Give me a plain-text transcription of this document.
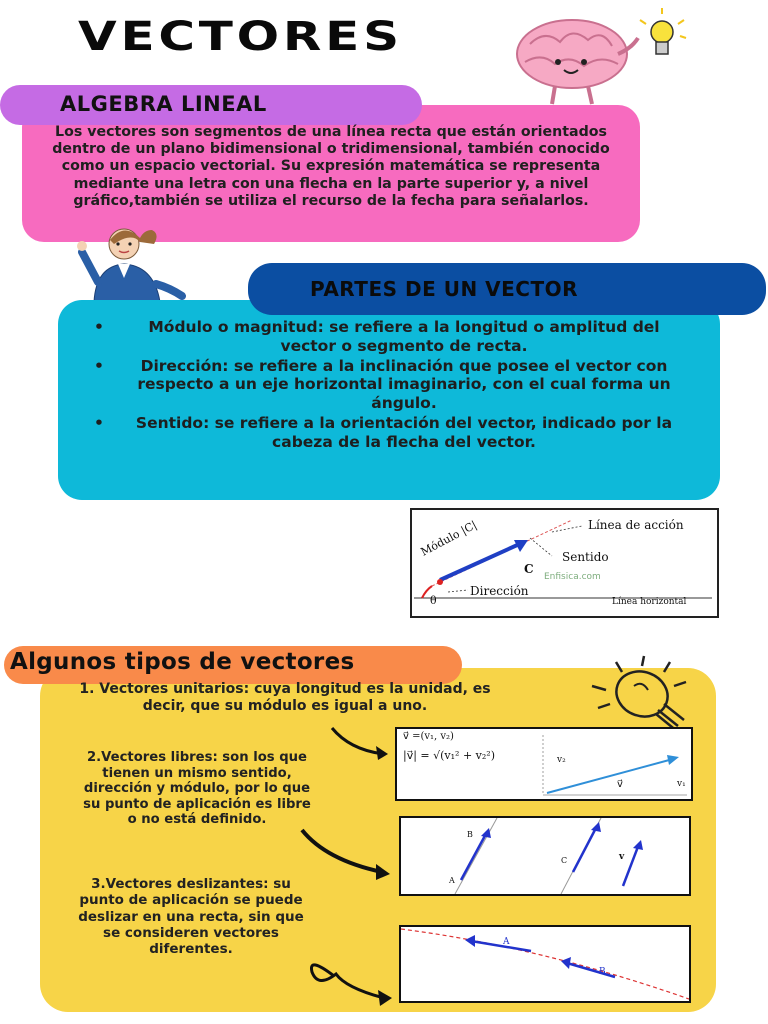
VECTORES
ALGEBRA LINEAL
Los vectores son segmentos de una línea recta que están orientados dentro de un plano bidimensional o tridimensional, también conocido como un espacio vectorial. Su expresión matemática se representa mediante una letra con una flecha en la parte superior y, a nivel gráfico,también se utiliza el recurso de la fecha para señalarlos.
• Módulo o magnitud: se refiere a la longitud o amplitud del vector o segmento de recta.
• Dirección: se refiere a la inclinación que posee el vector con respecto a un eje horizontal imaginario, con el cual forma un ángulo.
• Sentido: se refiere a la orientación del vector, indicado por la cabeza de la flecha del vector.
PARTES DE UN VECTOR
Módulo |C|	Línea de acción
Sentido
C
Enfisica.com
Dirección
θ	Línea horizontal
Algunos tipos de vectores
1. Vectores unitarios: cuya longitud es la unidad, es decir, que su módulo es igual a uno.
2.Vectores libres: son los que tienen un mismo sentido, dirección y módulo, por lo que su punto de aplicación es libre o no está definido.
3.Vectores deslizantes: su punto de aplicación se puede deslizar en una recta, sin que se consideren vectores diferentes.
v⃗ =(v₁, v₂)
|v⃗| = √(v₁² + v₂²)	v₂
v⃗	v₁
B
A
C	v
A
B
